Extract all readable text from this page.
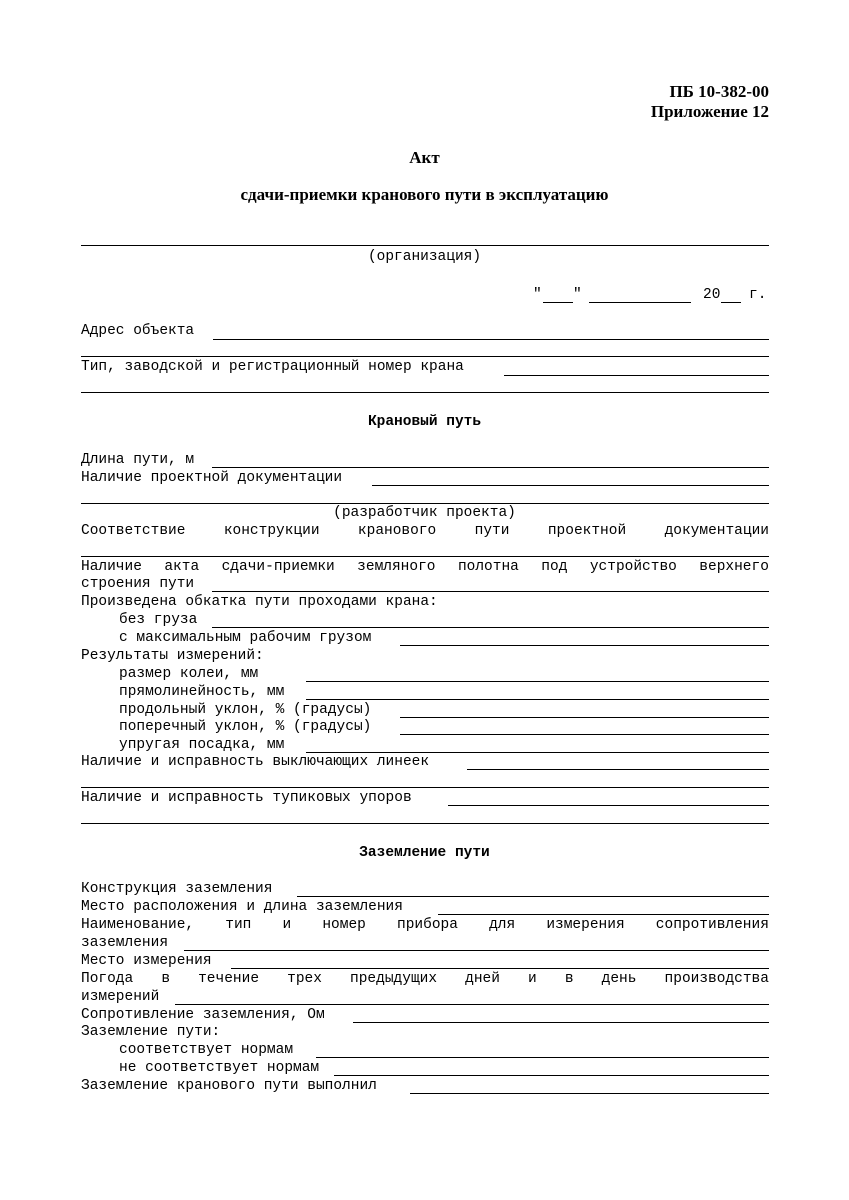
ПБ 10-382-00
Приложение 12
Акт
сдачи-приемки кранового пути в эксплуатацию
(организация)
" "	20 г.
Адрес объекта
Тип, заводской и регистрационный номер крана
Крановый путь
Длина пути, м
Наличие проектной документации
(разработчик проекта)
Соответствие	конструкции	кранового	пути	проектной	документации
Наличие акта сдачи-приемки земляного полотна под устройство верхнего
строения пути
Произведена обкатка пути проходами крана:
без груза
с максимальным рабочим грузом
Результаты измерений:
размер колеи, мм
прямолинейность, мм
продольный уклон, % (градусы)
поперечный уклон, % (градусы)
упругая посадка, мм
Наличие и исправность выключающих линеек
Наличие и исправность тупиковых упоров
Заземление пути
Конструкция заземления
Место расположения и длина заземления
Наименование, тип и номер прибора для измерения сопротивления
заземления
Место измерения
Погода в течение трех предыдущих дней и в день производства
измерений
Сопротивление заземления, Ом
Заземление пути:
соответствует нормам
не соответствует нормам
Заземление кранового пути выполнил
